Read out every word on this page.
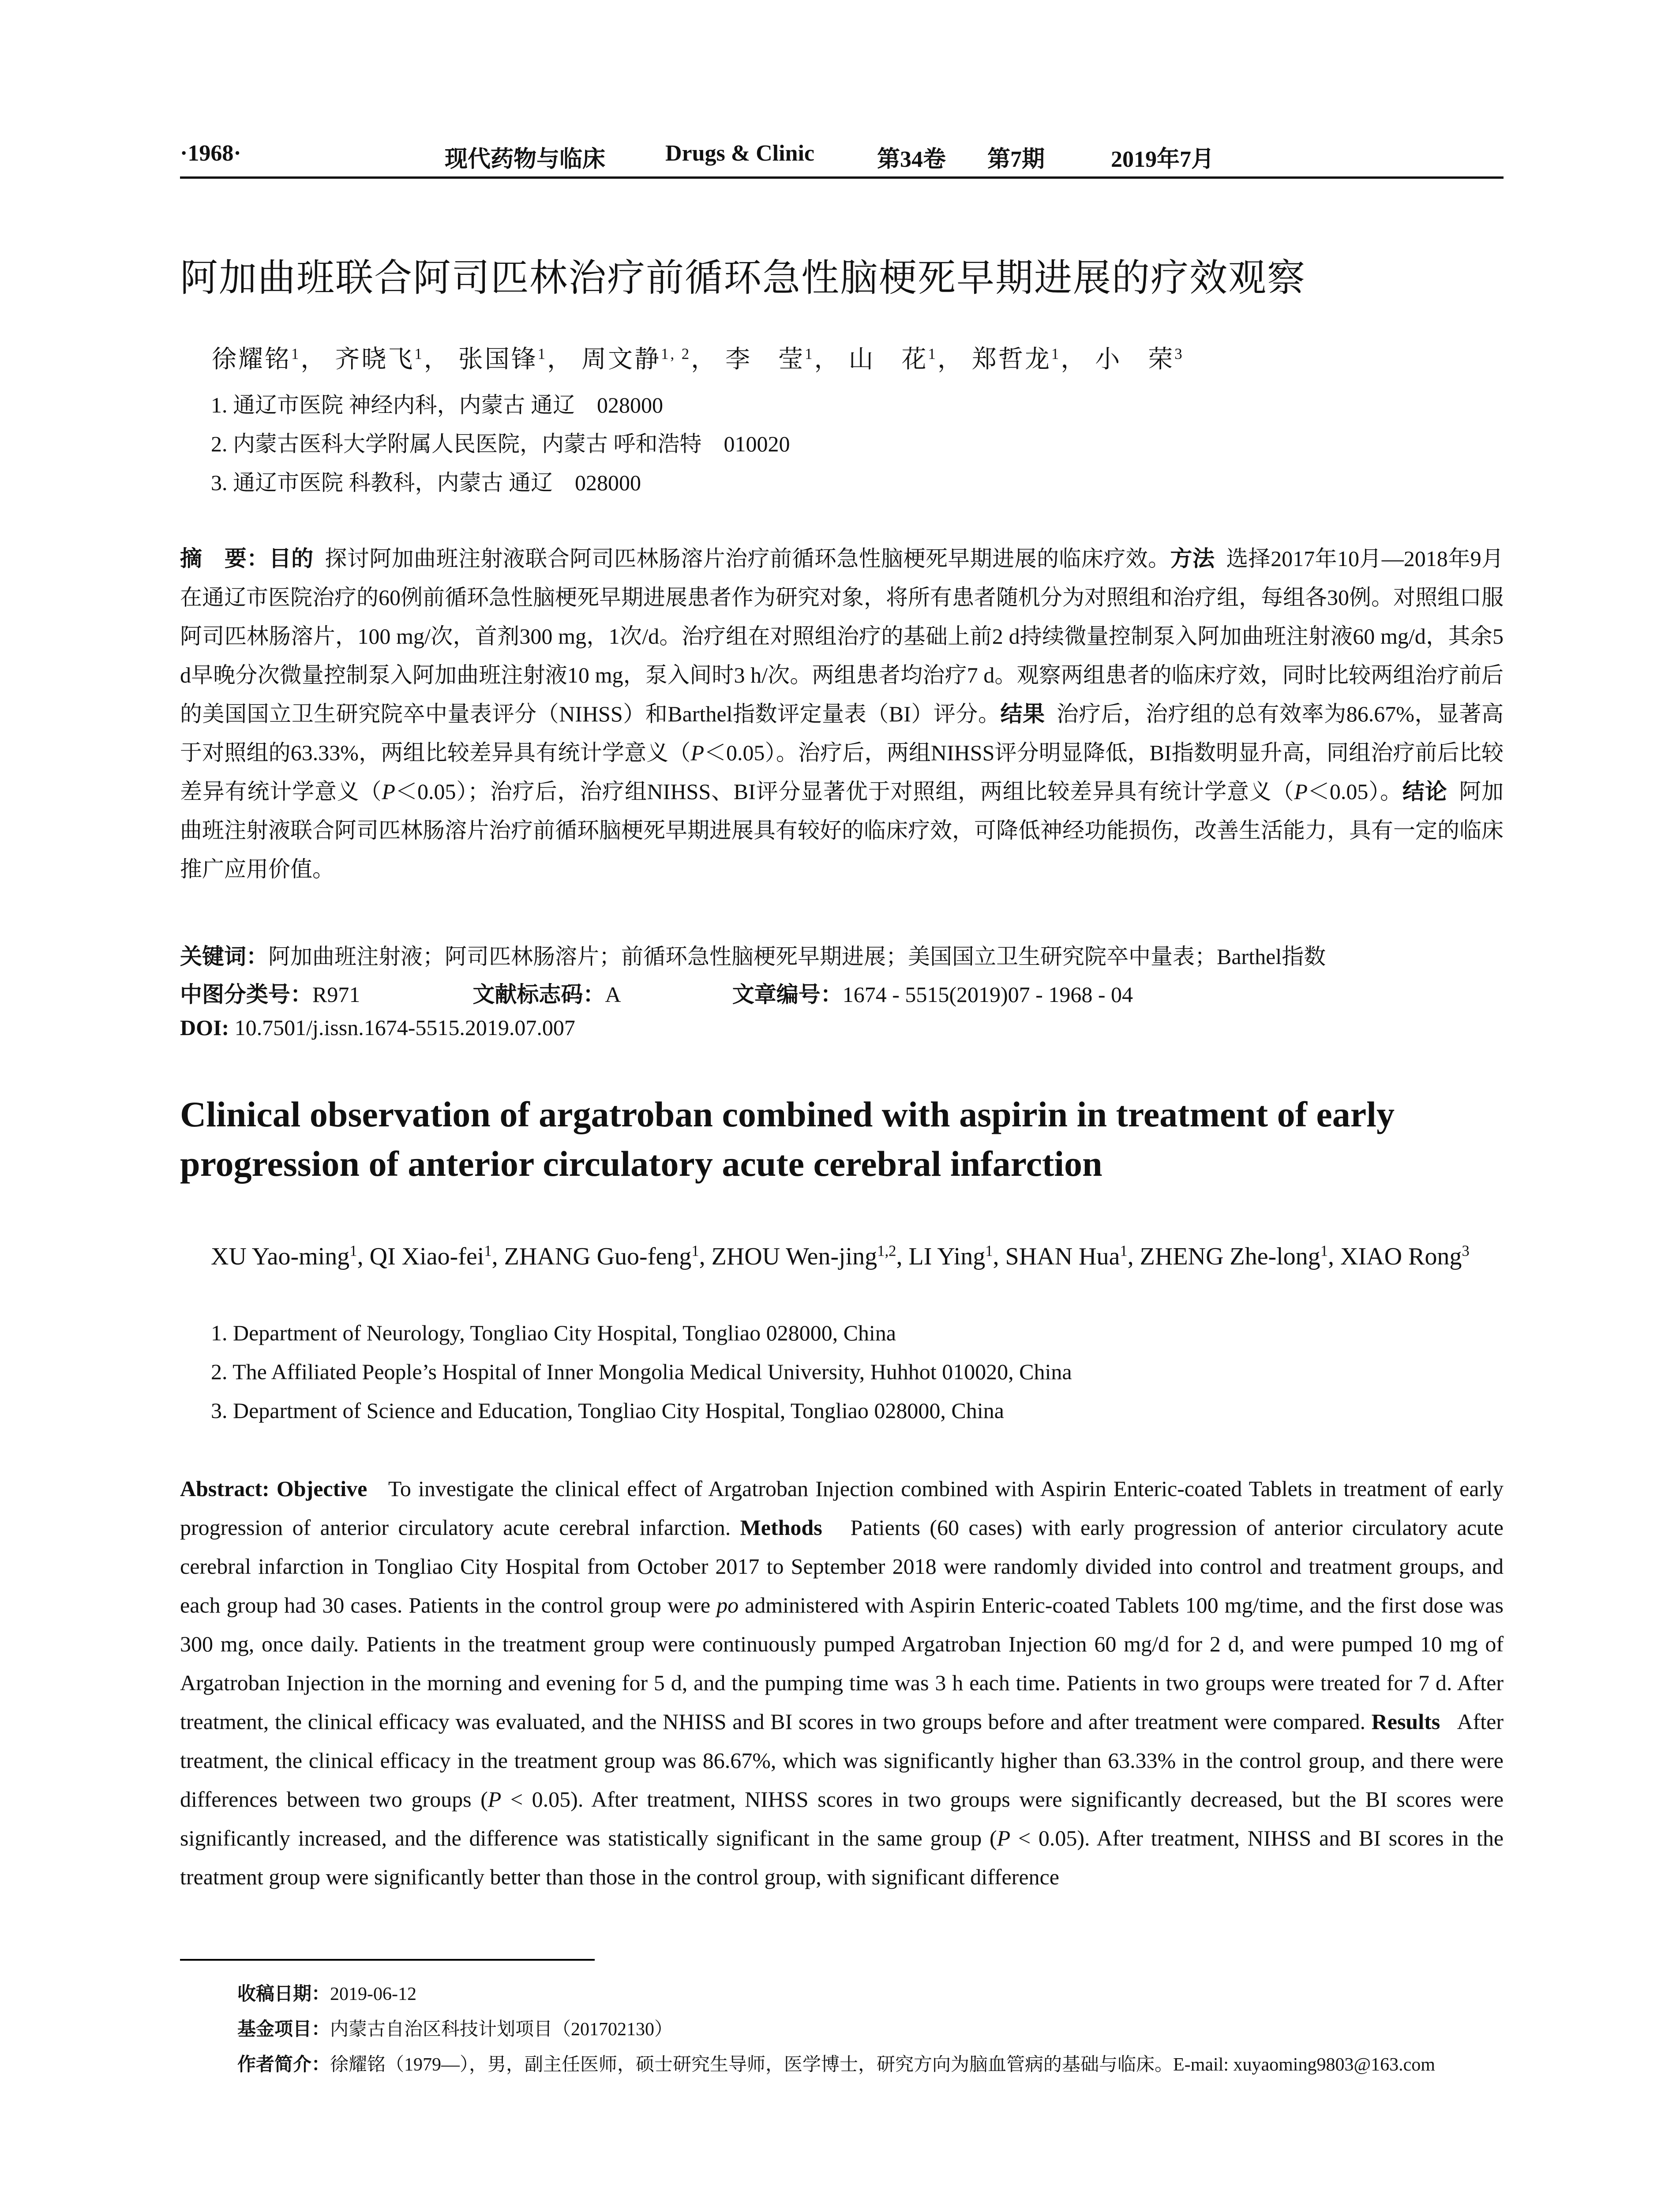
·1968·	现代药物与临床	Drugs & Clinic	第34卷 第7期	2019年7月
阿加曲班联合阿司匹林治疗前循环急性脑梗死早期进展的疗效观察
徐耀铭$^1$， 齐晓飞$^1$， 张国锋$^1$， 周文静$^{1, 2}$， 李　莹$^1$， 山　花$^1$， 郑哲龙$^1$， 小　荣$^3$
1. 通辽市医院 神经内科，内蒙古 通辽　028000
2. 内蒙古医科大学附属人民医院，内蒙古 呼和浩特　010020
3. 通辽市医院 科教科，内蒙古 通辽　028000
摘　要：目的 探讨阿加曲班注射液联合阿司匹林肠溶片治疗前循环急性脑梗死早期进展的临床疗效。方法 选择2017年10月—2018年9月在通辽市医院治疗的60例前循环急性脑梗死早期进展患者作为研究对象，将所有患者随机分为对照组和治疗组，每组各30例。对照组口服阿司匹林肠溶片，100 mg/次，首剂300 mg，1次/d。治疗组在对照组治疗的基础上前2 d持续微量控制泵入阿加曲班注射液60 mg/d，其余5 d早晚分次微量控制泵入阿加曲班注射液10 mg，泵入间时3 h/次。两组患者均治疗7 d。观察两组患者的临床疗效，同时比较两组治疗前后的美国国立卫生研究院卒中量表评分（NIHSS）和Barthel指数评定量表（BI）评分。结果 治疗后，治疗组的总有效率为86.67%，显著高于对照组的63.33%，两组比较差异具有统计学意义（P＜0.05）。治疗后，两组NIHSS评分明显降低，BI指数明显升高，同组治疗前后比较差异有统计学意义（P＜0.05）；治疗后，治疗组NIHSS、BI评分显著优于对照组，两组比较差异具有统计学意义（P＜0.05）。结论 阿加曲班注射液联合阿司匹林肠溶片治疗前循环脑梗死早期进展具有较好的临床疗效，可降低神经功能损伤，改善生活能力，具有一定的临床推广应用价值。
关键词：阿加曲班注射液；阿司匹林肠溶片；前循环急性脑梗死早期进展；美国国立卫生研究院卒中量表；Barthel指数
中图分类号：R971	文献标志码：A	文章编号：1674 - 5515(2019)07 - 1968 - 04
DOI: 10.7501/j.issn.1674-5515.2019.07.007
Clinical observation of argatroban combined with aspirin in treatment of early
progression of anterior circulatory acute cerebral infarction
XU Yao-ming$^1$, QI Xiao-fei$^1$, ZHANG Guo-feng$^1$, ZHOU Wen-jing$^{1,2}$, LI Ying$^1$, SHAN Hua$^1$, ZHENG Zhe-long$^1$, XIAO Rong$^3$
1. Department of Neurology, Tongliao City Hospital, Tongliao 028000, China
2. The Affiliated People’s Hospital of Inner Mongolia Medical University, Huhhot 010020, China
3. Department of Science and Education, Tongliao City Hospital, Tongliao 028000, China
Abstract: Objective To investigate the clinical effect of Argatroban Injection combined with Aspirin Enteric-coated Tablets in treatment of early progression of anterior circulatory acute cerebral infarction. Methods Patients (60 cases) with early progression of anterior circulatory acute cerebral infarction in Tongliao City Hospital from October 2017 to September 2018 were randomly divided into control and treatment groups, and each group had 30 cases. Patients in the control group were po administered with Aspirin Enteric-coated Tablets 100 mg/time, and the first dose was 300 mg, once daily. Patients in the treatment group were continuously pumped Argatroban Injection 60 mg/d for 2 d, and were pumped 10 mg of Argatroban Injection in the morning and evening for 5 d, and the pumping time was 3 h each time. Patients in two groups were treated for 7 d. After treatment, the clinical efficacy was evaluated, and the NHISS and BI scores in two groups before and after treatment were compared. Results After treatment, the clinical efficacy in the treatment group was 86.67%, which was significantly higher than 63.33% in the control group, and there were differences between two groups (P < 0.05). After treatment, NIHSS scores in two groups were significantly decreased, but the BI scores were significantly increased, and the difference was statistically significant in the same group (P < 0.05). After treatment, NIHSS and BI scores in the treatment group were significantly better than those in the control group, with significant difference
收稿日期：2019-06-12
基金项目：内蒙古自治区科技计划项目（201702130）
作者简介：徐耀铭（1979—），男，副主任医师，硕士研究生导师，医学博士，研究方向为脑血管病的基础与临床。E-mail: xuyaoming9803@163.com
